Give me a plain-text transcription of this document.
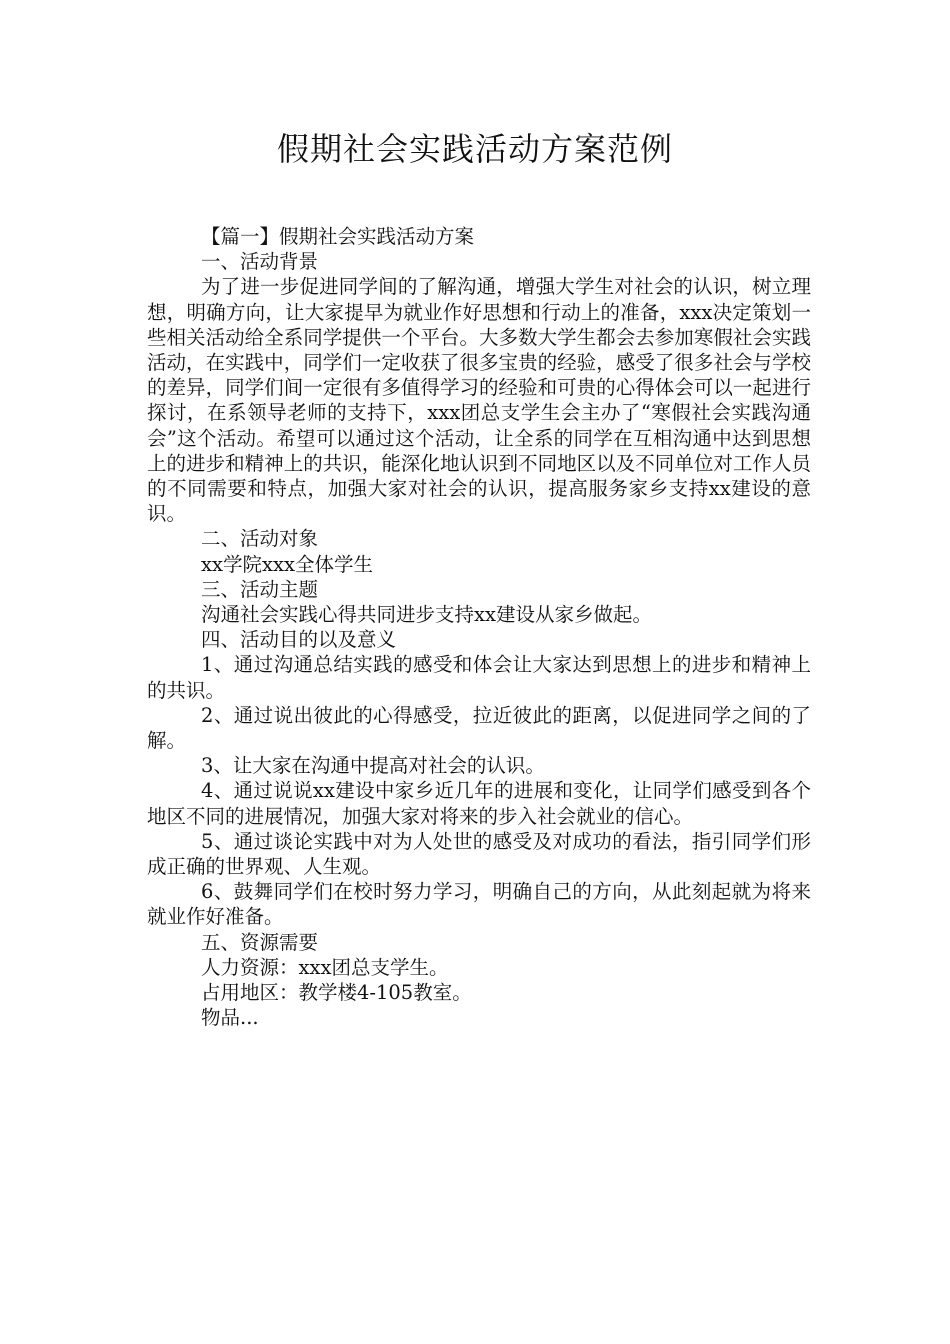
假期社会实践活动方案范例

【篇一】假期社会实践活动方案

一、活动背景

为了进一步促进同学间的了解沟通，增强大学生对社会的认识，树立理想，明确方向，让大家提早为就业作好思想和行动上的准备，xxx决定策划一些相关活动给全系同学提供一个平台。大多数大学生都会去参加寒假社会实践活动，在实践中，同学们一定收获了很多宝贵的经验，感受了很多社会与学校的差异，同学们间一定很有多值得学习的经验和可贵的心得体会可以一起进行探讨，在系领导老师的支持下，xxx团总支学生会主办了“寒假社会实践沟通会”这个活动。希望可以通过这个活动，让全系的同学在互相沟通中达到思想上的进步和精神上的共识，能深化地认识到不同地区以及不同单位对工作人员的不同需要和特点，加强大家对社会的认识，提高服务家乡支持xx建设的意识。

二、活动对象

xx学院xxx全体学生

三、活动主题

沟通社会实践心得共同进步支持xx建设从家乡做起。

四、活动目的以及意义

1、通过沟通总结实践的感受和体会让大家达到思想上的进步和精神上的共识。

2、通过说出彼此的心得感受，拉近彼此的距离，以促进同学之间的了解。

3、让大家在沟通中提高对社会的认识。

4、通过说说xx建设中家乡近几年的进展和变化，让同学们感受到各个地区不同的进展情况，加强大家对将来的步入社会就业的信心。

5、通过谈论实践中对为人处世的感受及对成功的看法，指引同学们形成正确的世界观、人生观。

6、鼓舞同学们在校时努力学习，明确自己的方向，从此刻起就为将来就业作好准备。

五、资源需要

人力资源：xxx团总支学生。

占用地区：教学楼4-105教室。

物品...
